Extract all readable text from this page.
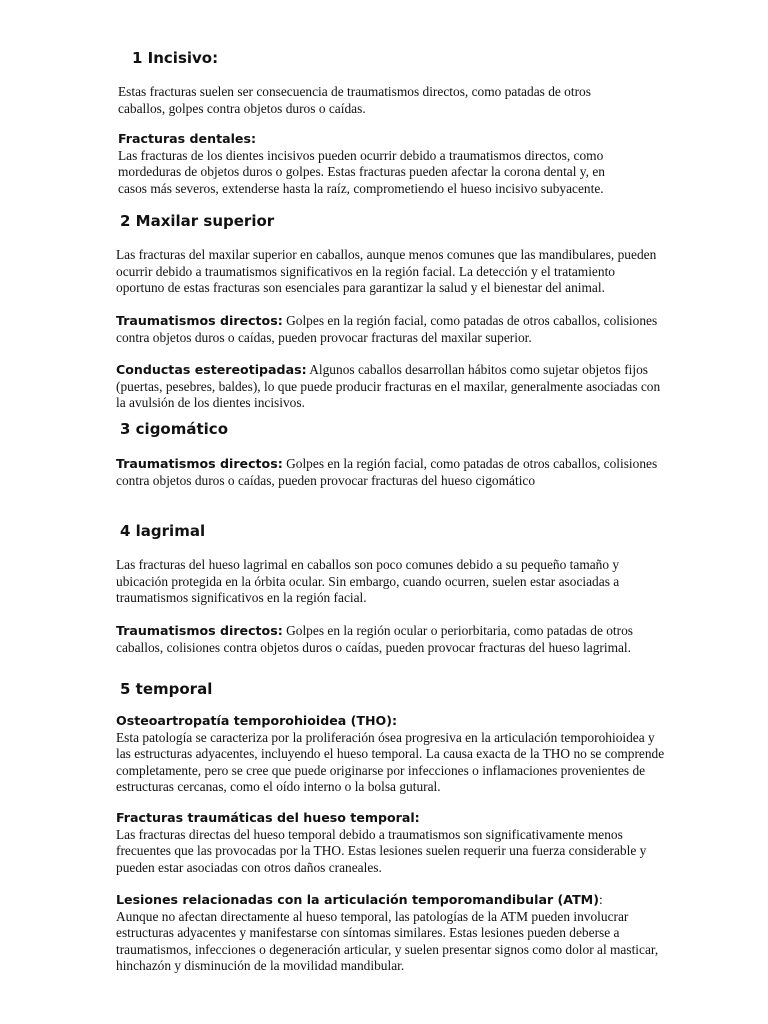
1 Incisivo:

Estas fracturas suelen ser consecuencia de traumatismos directos, como patadas de otros

caballos, golpes contra objetos duros o caídas.

Fracturas dentales:

Las fracturas de los dientes incisivos pueden ocurrir debido a traumatismos directos, como

mordeduras de objetos duros o golpes. Estas fracturas pueden afectar la corona dental y, en

casos más severos, extenderse hasta la raíz, comprometiendo el hueso incisivo subyacente.

2 Maxilar superior

Las fracturas del maxilar superior en caballos, aunque menos comunes que las mandibulares, pueden

ocurrir debido a traumatismos significativos en la región facial. La detección y el tratamiento

oportuno de estas fracturas son esenciales para garantizar la salud y el bienestar del animal.

Traumatismos directos: Golpes en la región facial, como patadas de otros caballos, colisiones

contra objetos duros o caídas, pueden provocar fracturas del maxilar superior.

Conductas estereotipadas: Algunos caballos desarrollan hábitos como sujetar objetos fijos

(puertas, pesebres, baldes), lo que puede producir fracturas en el maxilar, generalmente asociadas con

la avulsión de los dientes incisivos.

3 cigomático

Traumatismos directos: Golpes en la región facial, como patadas de otros caballos, colisiones

contra objetos duros o caídas, pueden provocar fracturas del hueso cigomático

4 lagrimal

Las fracturas del hueso lagrimal en caballos son poco comunes debido a su pequeño tamaño y

ubicación protegida en la órbita ocular. Sin embargo, cuando ocurren, suelen estar asociadas a

traumatismos significativos en la región facial.

Traumatismos directos: Golpes en la región ocular o periorbitaria, como patadas de otros

caballos, colisiones contra objetos duros o caídas, pueden provocar fracturas del hueso lagrimal.

5 temporal

Osteoartropatía temporohioidea (THO):

Esta patología se caracteriza por la proliferación ósea progresiva en la articulación temporohioidea y

las estructuras adyacentes, incluyendo el hueso temporal. La causa exacta de la THO no se comprende

completamente, pero se cree que puede originarse por infecciones o inflamaciones provenientes de

estructuras cercanas, como el oído interno o la bolsa gutural.

Fracturas traumáticas del hueso temporal:

Las fracturas directas del hueso temporal debido a traumatismos son significativamente menos

frecuentes que las provocadas por la THO. Estas lesiones suelen requerir una fuerza considerable y

pueden estar asociadas con otros daños craneales.

Lesiones relacionadas con la articulación temporomandibular (ATM):

Aunque no afectan directamente al hueso temporal, las patologías de la ATM pueden involucrar

estructuras adyacentes y manifestarse con síntomas similares. Estas lesiones pueden deberse a

traumatismos, infecciones o degeneración articular, y suelen presentar signos como dolor al masticar,

hinchazón y disminución de la movilidad mandibular.
